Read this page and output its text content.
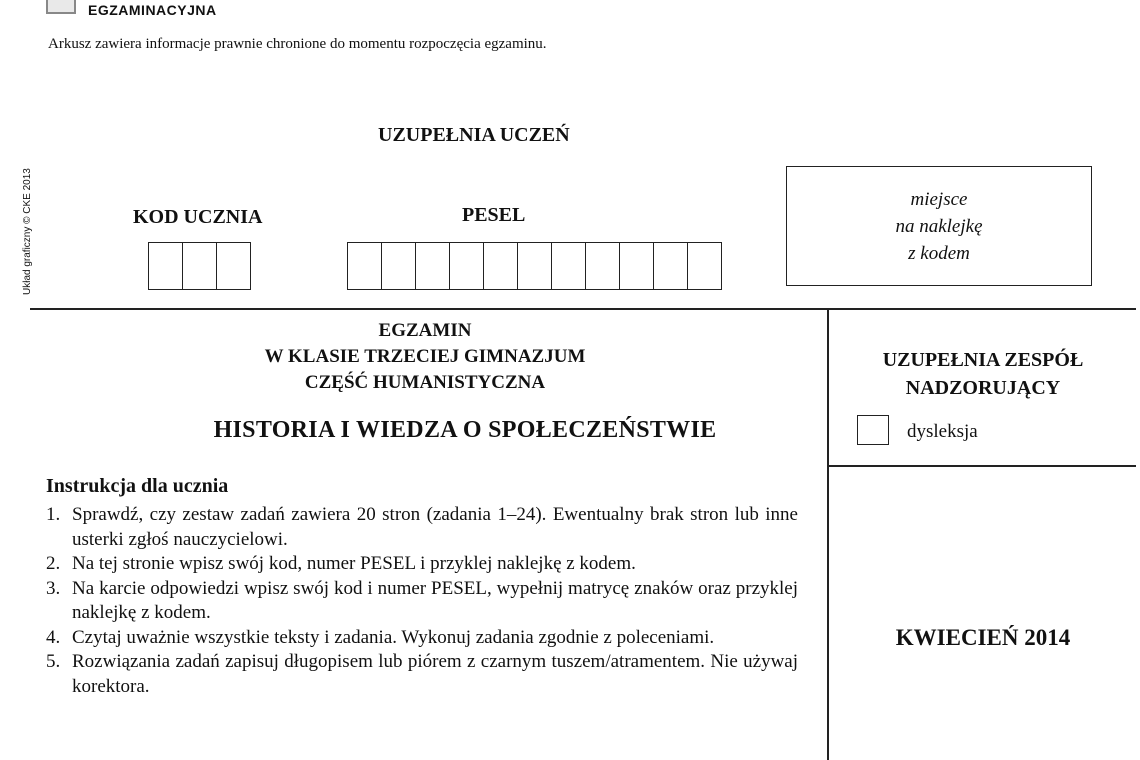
EGZAMINACYJNA
Arkusz zawiera informacje prawnie chronione do momentu rozpoczęcia egzaminu.
Układ graficzny © CKE 2013
UZUPEŁNIA UCZEŃ
KOD UCZNIA	PESEL
miejsce
na naklejkę
z kodem
EGZAMIN
W KLASIE TRZECIEJ GIMNAZJUM
CZĘŚĆ HUMANISTYCZNA
HISTORIA I WIEDZA O SPOŁECZEŃSTWIE
UZUPEŁNIA ZESPÓŁ
NADZORUJĄCY
dysleksja
KWIECIEŃ 2014
Instrukcja dla ucznia
1. Sprawdź, czy zestaw zadań zawiera 20 stron (zadania 1–24). Ewentualny brak stron lub inne usterki zgłoś nauczycielowi.
2. Na tej stronie wpisz swój kod, numer PESEL i przyklej naklejkę z kodem.
3. Na karcie odpowiedzi wpisz swój kod i numer PESEL, wypełnij matrycę znaków oraz przyklej naklejkę z kodem.
4. Czytaj uważnie wszystkie teksty i zadania. Wykonuj zadania zgodnie z poleceniami.
5. Rozwiązania zadań zapisuj długopisem lub piórem z czarnym tuszem/atramentem. Nie używaj korektora.
